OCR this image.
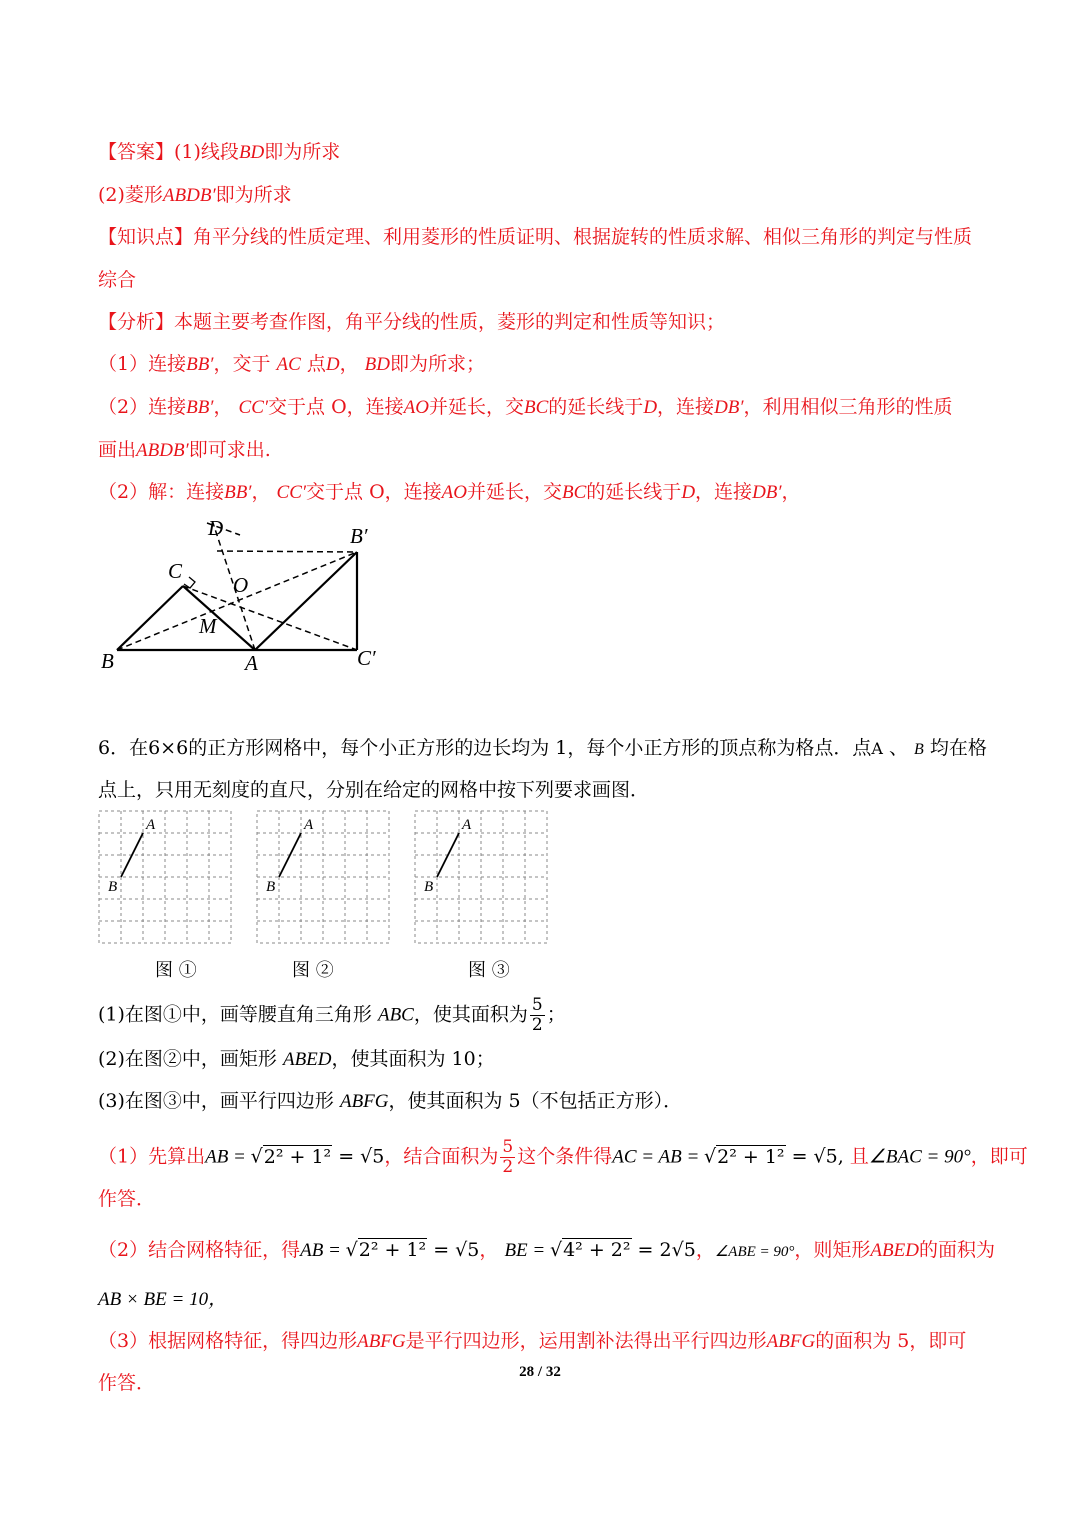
【答案】(1)线段BD即为所求
(2)菱形ABDB′即为所求
【知识点】角平分线的性质定理、利用菱形的性质证明、根据旋转的性质求解、相似三角形的判定与性质
综合
【分析】本题主要考查作图，角平分线的性质，菱形的判定和性质等知识；
（1）连接BB′，交于 AC 点D， BD即为所求；
（2）连接BB′， CC′交于点 O，连接AO并延长，交BC的延长线于D，连接DB′，利用相似三角形的性质
画出ABDB′即可求出.
（2）解：连接BB′， CC′交于点 O，连接AO并延长，交BC的延长线于D，连接DB′，
D	B′
C
O
M
B	A	C′
6．在6×6的正方形网格中，每个小正方形的边长均为 1，每个小正方形的顶点称为格点．点A 、 B 均在格
点上，只用无刻度的直尺，分别在给定的网格中按下列要求画图．
A
B
A
B
A
B
图 ①	图 ②	图 ③
(1)在图①中，画等腰直角三角形 ABC，使其面积为 $\frac{5}{2}$ ；
(2)在图②中，画矩形 ABED，使其面积为 10；
(3)在图③中，画平行四边形 ABFG，使其面积为 5（不包括正方形）．
（1）先算出AB = √2² + 1² = √5，结合面积为 $\frac{5}{2}$ 这个条件得AC = AB = √2² + 1² = √5, 且∠BAC = 90°，即可
作答．
（2）结合网格特征，得AB = √2² + 1² = √5， BE = √4² + 2² = 2√5，∠ABE = 90°，则矩形ABED的面积为
AB × BE = 10，
（3）根据网格特征，得四边形ABFG是平行四边形，运用割补法得出平行四边形ABFG的面积为 5，即可
作答．	28 / 32
